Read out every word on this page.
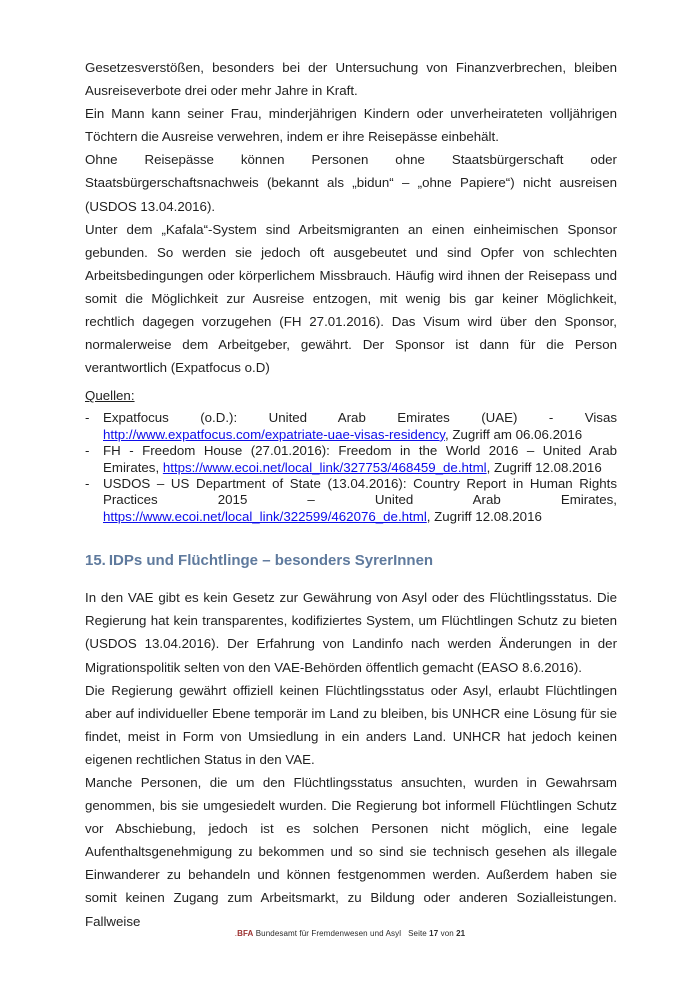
Gesetzesverstößen, besonders bei der Untersuchung von Finanzverbrechen, bleiben Ausreiseverbote drei oder mehr Jahre in Kraft.

Ein Mann kann seiner Frau, minderjährigen Kindern oder unverheirateten volljährigen Töchtern die Ausreise verwehren, indem er ihre Reisepässe einbehält.

Ohne Reisepässe können Personen ohne Staatsbürgerschaft oder Staatsbürgerschaftsnachweis (bekannt als „bidun“ – „ohne Papiere“) nicht ausreisen (USDOS 13.04.2016).

Unter dem „Kafala“-System sind Arbeitsmigranten an einen einheimischen Sponsor gebunden. So werden sie jedoch oft ausgebeutet und sind Opfer von schlechten Arbeitsbedingungen oder körperlichem Missbrauch. Häufig wird ihnen der Reisepass und somit die Möglichkeit zur Ausreise entzogen, mit wenig bis gar keiner Möglichkeit, rechtlich dagegen vorzugehen (FH 27.01.2016). Das Visum wird über den Sponsor, normalerweise dem Arbeitgeber, gewährt. Der Sponsor ist dann für die Person verantwortlich (Expatfocus o.D)

Quellen:

- Expatfocus (o.D.): United Arab Emirates (UAE) - Visas http://www.expatfocus.com/expatriate-uae-visas-residency, Zugriff am 06.06.2016
- FH - Freedom House (27.01.2016): Freedom in the World 2016 – United Arab Emirates, https://www.ecoi.net/local_link/327753/468459_de.html, Zugriff 12.08.2016
- USDOS – US Department of State (13.04.2016): Country Report in Human Rights Practices 2015 – United Arab Emirates, https://www.ecoi.net/local_link/322599/462076_de.html, Zugriff 12.08.2016
15. IDPs und Flüchtlinge – besonders SyrerInnen

In den VAE gibt es kein Gesetz zur Gewährung von Asyl oder des Flüchtlingsstatus. Die Regierung hat kein transparentes, kodifiziertes System, um Flüchtlingen Schutz zu bieten (USDOS 13.04.2016). Der Erfahrung von Landinfo nach werden Änderungen in der Migrationspolitik selten von den VAE-Behörden öffentlich gemacht (EASO 8.6.2016).

Die Regierung gewährt offiziell keinen Flüchtlingsstatus oder Asyl, erlaubt Flüchtlingen aber auf individueller Ebene temporär im Land zu bleiben, bis UNHCR eine Lösung für sie findet, meist in Form von Umsiedlung in ein anders Land. UNHCR hat jedoch keinen eigenen rechtlichen Status in den VAE.

Manche Personen, die um den Flüchtlingsstatus ansuchten, wurden in Gewahrsam genommen, bis sie umgesiedelt wurden. Die Regierung bot informell Flüchtlingen Schutz vor Abschiebung, jedoch ist es solchen Personen nicht möglich, eine legale Aufenthaltsgenehmigung zu bekommen und so sind sie technisch gesehen als illegale Einwanderer zu behandeln und können festgenommen werden. Außerdem haben sie somit keinen Zugang zum Arbeitsmarkt, zu Bildung oder anderen Sozialleistungen. Fallweise

.BFA Bundesamt für Fremdenwesen und Asyl Seite 17 von 21
